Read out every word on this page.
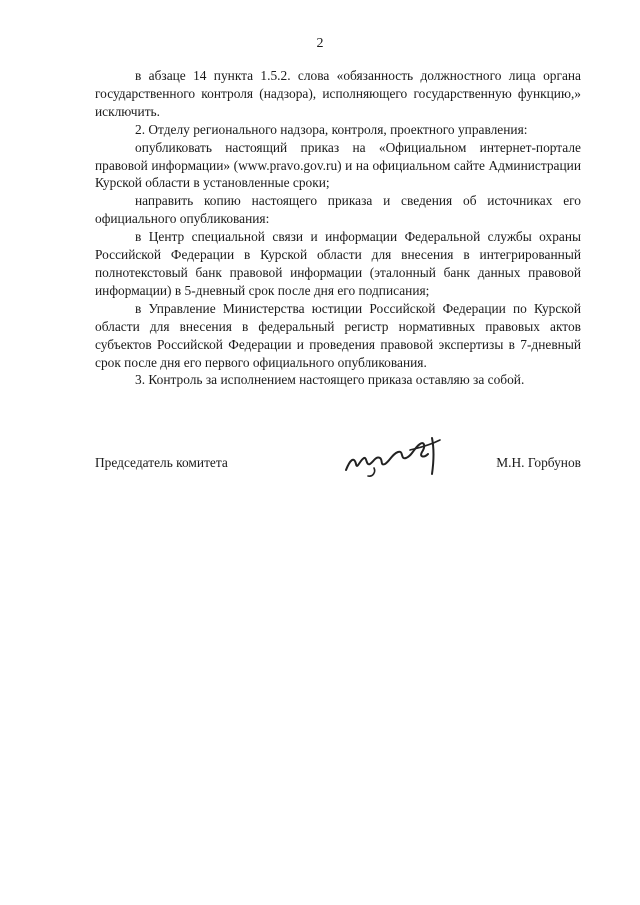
2

в абзаце 14 пункта 1.5.2. слова «обязанность должностного лица органа государственного контроля (надзора), исполняющего государственную функцию,» исключить.

2. Отделу регионального надзора, контроля, проектного управления:

опубликовать настоящий приказ на «Официальном интернет-портале правовой информации» (www.pravo.gov.ru) и на официальном сайте Администрации Курской области в установленные сроки;

направить копию настоящего приказа и сведения об источниках его официального опубликования:

в Центр специальной связи и информации Федеральной службы охраны Российской Федерации в Курской области для внесения в интегрированный полнотекстовый банк правовой информации (эталонный банк данных правовой информации) в 5-дневный срок после дня его подписания;

в Управление Министерства юстиции Российской Федерации по Курской области для внесения в федеральный регистр нормативных правовых актов субъектов Российской Федерации и проведения правовой экспертизы в 7-дневный срок после дня его первого официального опубликования.

3. Контроль за исполнением настоящего приказа оставляю за собой.

Председатель комитета	М.Н. Горбунов
